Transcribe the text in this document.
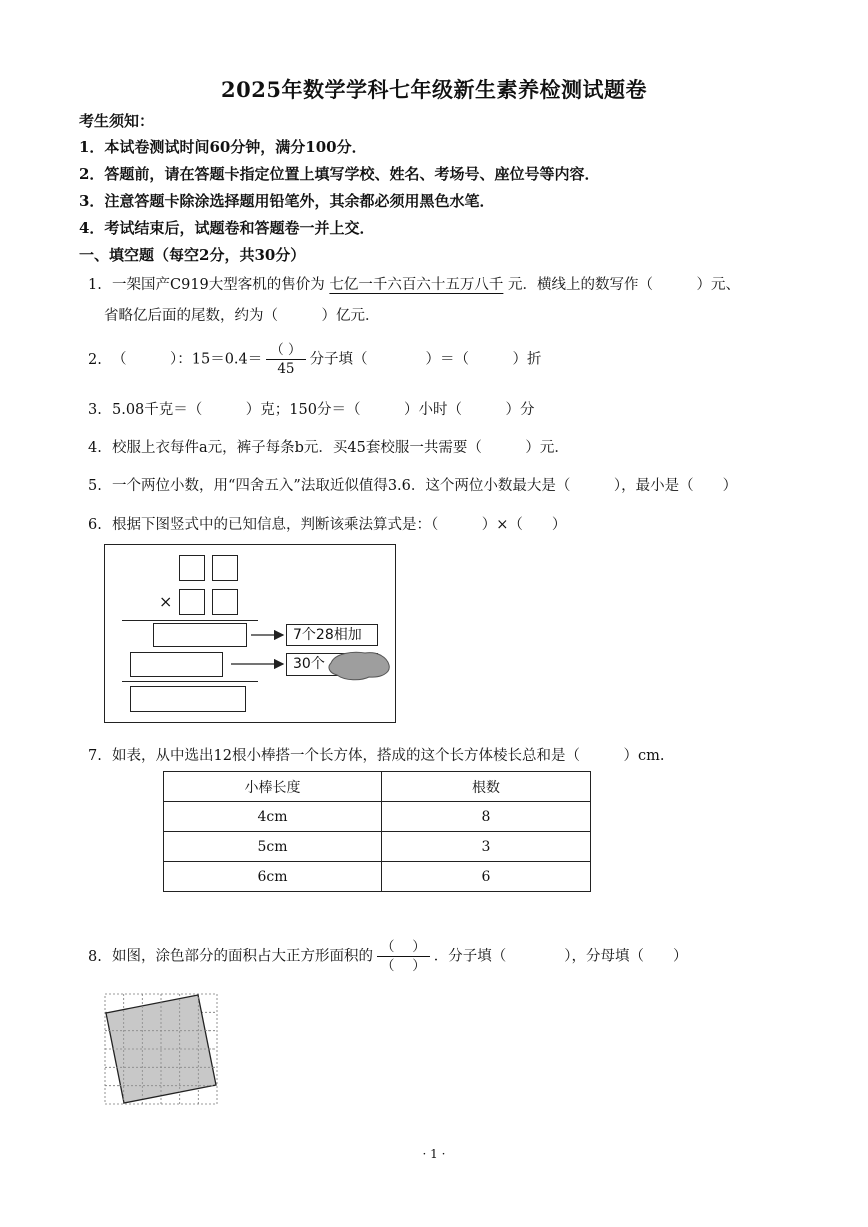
2025年数学学科七年级新生素养检测试题卷
考生须知：
1．本试卷测试时间60分钟，满分100分．
2．答题前，请在答题卡指定位置上填写学校、姓名、考场号、座位号等内容．
3．注意答题卡除涂选择题用铅笔外，其余都必须用黑色水笔．
4．考试结束后，试题卷和答题卷一并上交．
一、填空题（每空2分，共30分）
1. 一架国产C919大型客机的售价为 七亿一千六百六十五万八千 元．横线上的数写作（　　　）元、
省略亿后面的尾数，约为（　　　）亿元．
2. （　　　）：$15=0.4= \frac{( )}{45}$ 分子填（　　　　）＝（　　　）折
3. 5.08千克＝（　　　）克；150分＝（　　　）小时（　　　）分
4. 校服上衣每件a元，裤子每条b元．买45套校服一共需要（　　　）元．
5. 一个两位小数，用“四舍五入”法取近似值得3.6．这个两位小数最大是（　　　），最小是（　　）
6. 根据下图竖式中的已知信息，判断该乘法算式是：（　　　）×（　　）
×
7个28相加
30个
7. 如表，从中选出12根小棒搭一个长方体，搭成的这个长方体棱长总和是（　　　）cm.
小棒长度	根数
4cm	8
5cm	3
6cm	6
8. 如图，涂色部分的面积占大正方形面积的 $\frac{( )}{( )}$ ．分子填（　　　　），分母填（　　）
· 1 ·
